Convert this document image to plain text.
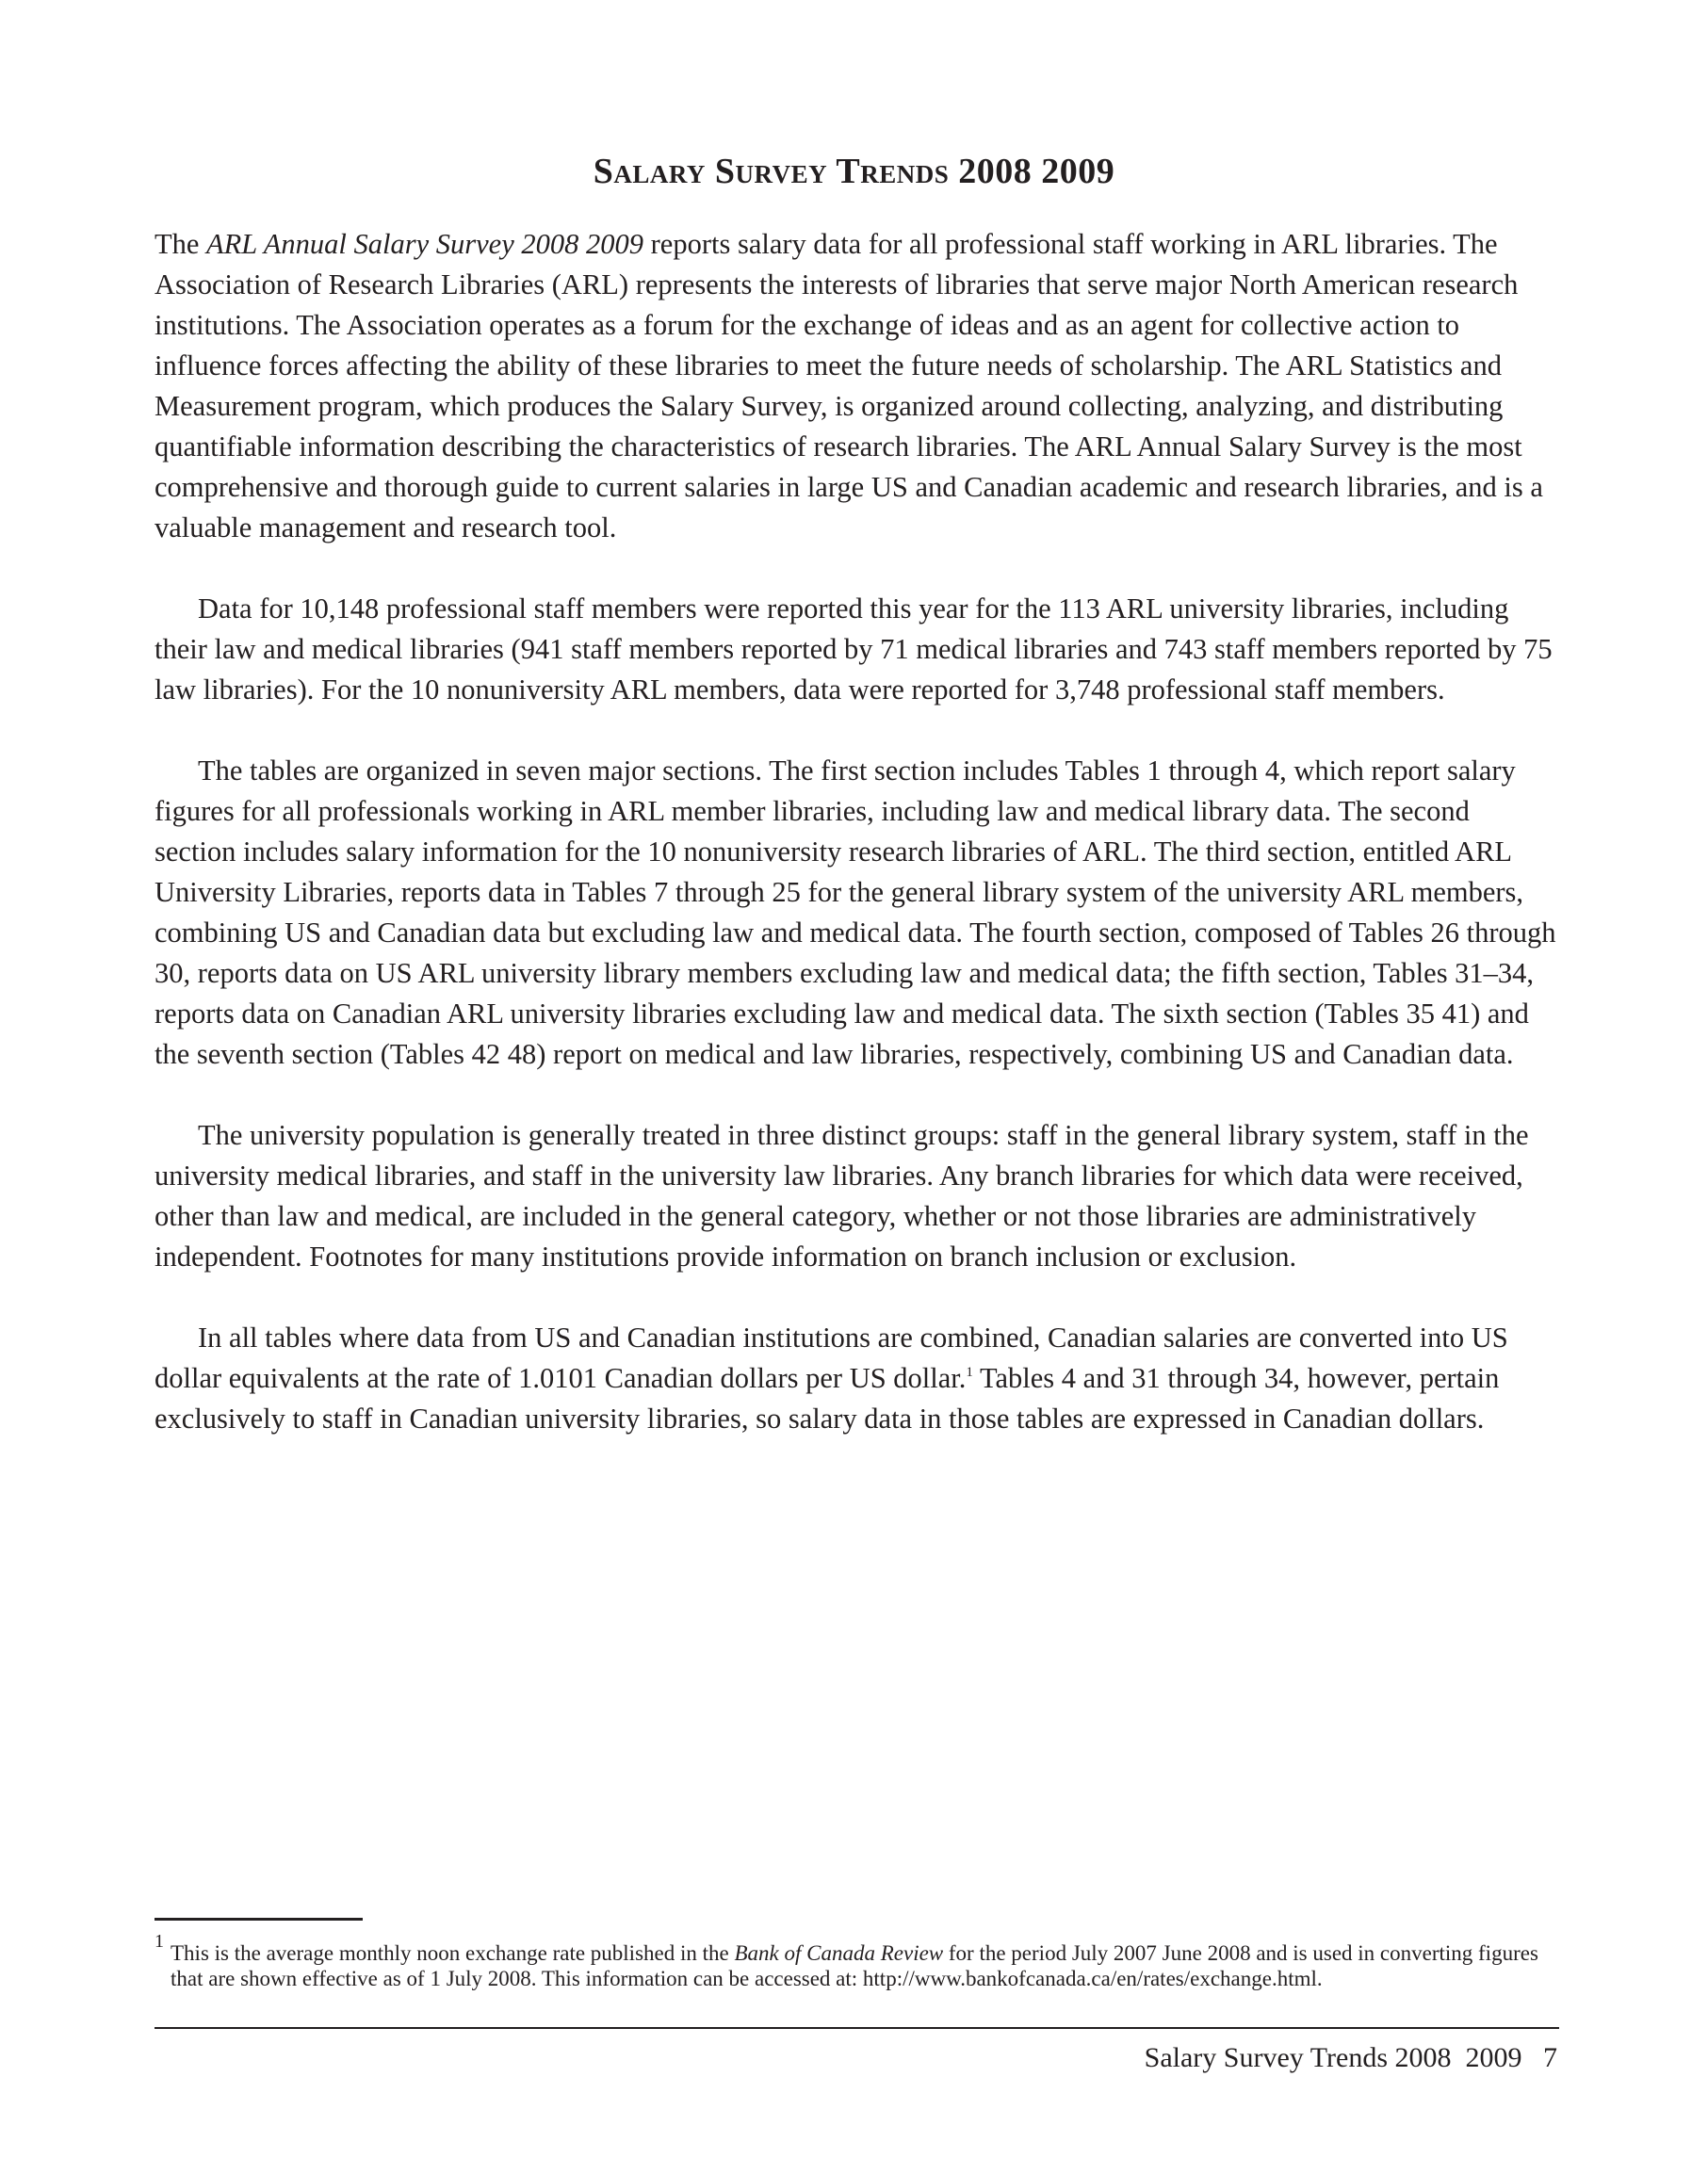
Salary Survey Trends 2008 2009

The ARL Annual Salary Survey 2008 2009 reports salary data for all professional staff working in ARL libraries. The Association of Research Libraries (ARL) represents the interests of libraries that serve major North American research institutions. The Association operates as a forum for the exchange of ideas and as an agent for collective action to influence forces affecting the ability of these libraries to meet the future needs of scholarship. The ARL Statistics and Measurement program, which produces the Salary Survey, is organized around collecting, analyzing, and distributing quantifiable information describing the characteristics of research libraries. The ARL Annual Salary Survey is the most comprehensive and thorough guide to current salaries in large US and Canadian academic and research libraries, and is a valuable management and research tool.

Data for 10,148 professional staff members were reported this year for the 113 ARL university libraries, including their law and medical libraries (941 staff members reported by 71 medical libraries and 743 staff members reported by 75 law libraries). For the 10 nonuniversity ARL members, data were reported for 3,748 professional staff members.

The tables are organized in seven major sections. The first section includes Tables 1 through 4, which report salary figures for all professionals working in ARL member libraries, including law and medical library data. The second section includes salary information for the 10 nonuniversity research libraries of ARL. The third section, entitled ARL University Libraries, reports data in Tables 7 through 25 for the general library system of the university ARL members, combining US and Canadian data but excluding law and medical data. The fourth section, composed of Tables 26 through 30, reports data on US ARL university library members excluding law and medical data; the fifth section, Tables 31–34, reports data on Canadian ARL university libraries excluding law and medical data. The sixth section (Tables 35 41) and the seventh section (Tables 42 48) report on medical and law libraries, respectively, combining US and Canadian data.

The university population is generally treated in three distinct groups: staff in the general library system, staff in the university medical libraries, and staff in the university law libraries. Any branch libraries for which data were received, other than law and medical, are included in the general category, whether or not those libraries are administratively independent. Footnotes for many institutions provide information on branch inclusion or exclusion.

In all tables where data from US and Canadian institutions are combined, Canadian salaries are converted into US dollar equivalents at the rate of 1.0101 Canadian dollars per US dollar.$^1$ Tables 4 and 31 through 34, however, pertain exclusively to staff in Canadian university libraries, so salary data in those tables are expressed in Canadian dollars.

1 This is the average monthly noon exchange rate published in the Bank of Canada Review for the period July 2007 June 2008 and is used in converting figures that are shown effective as of 1 July 2008. This information can be accessed at: http://www.bankofcanada.ca/en/rates/exchange.html.
Salary Survey Trends 2008  2009 7
